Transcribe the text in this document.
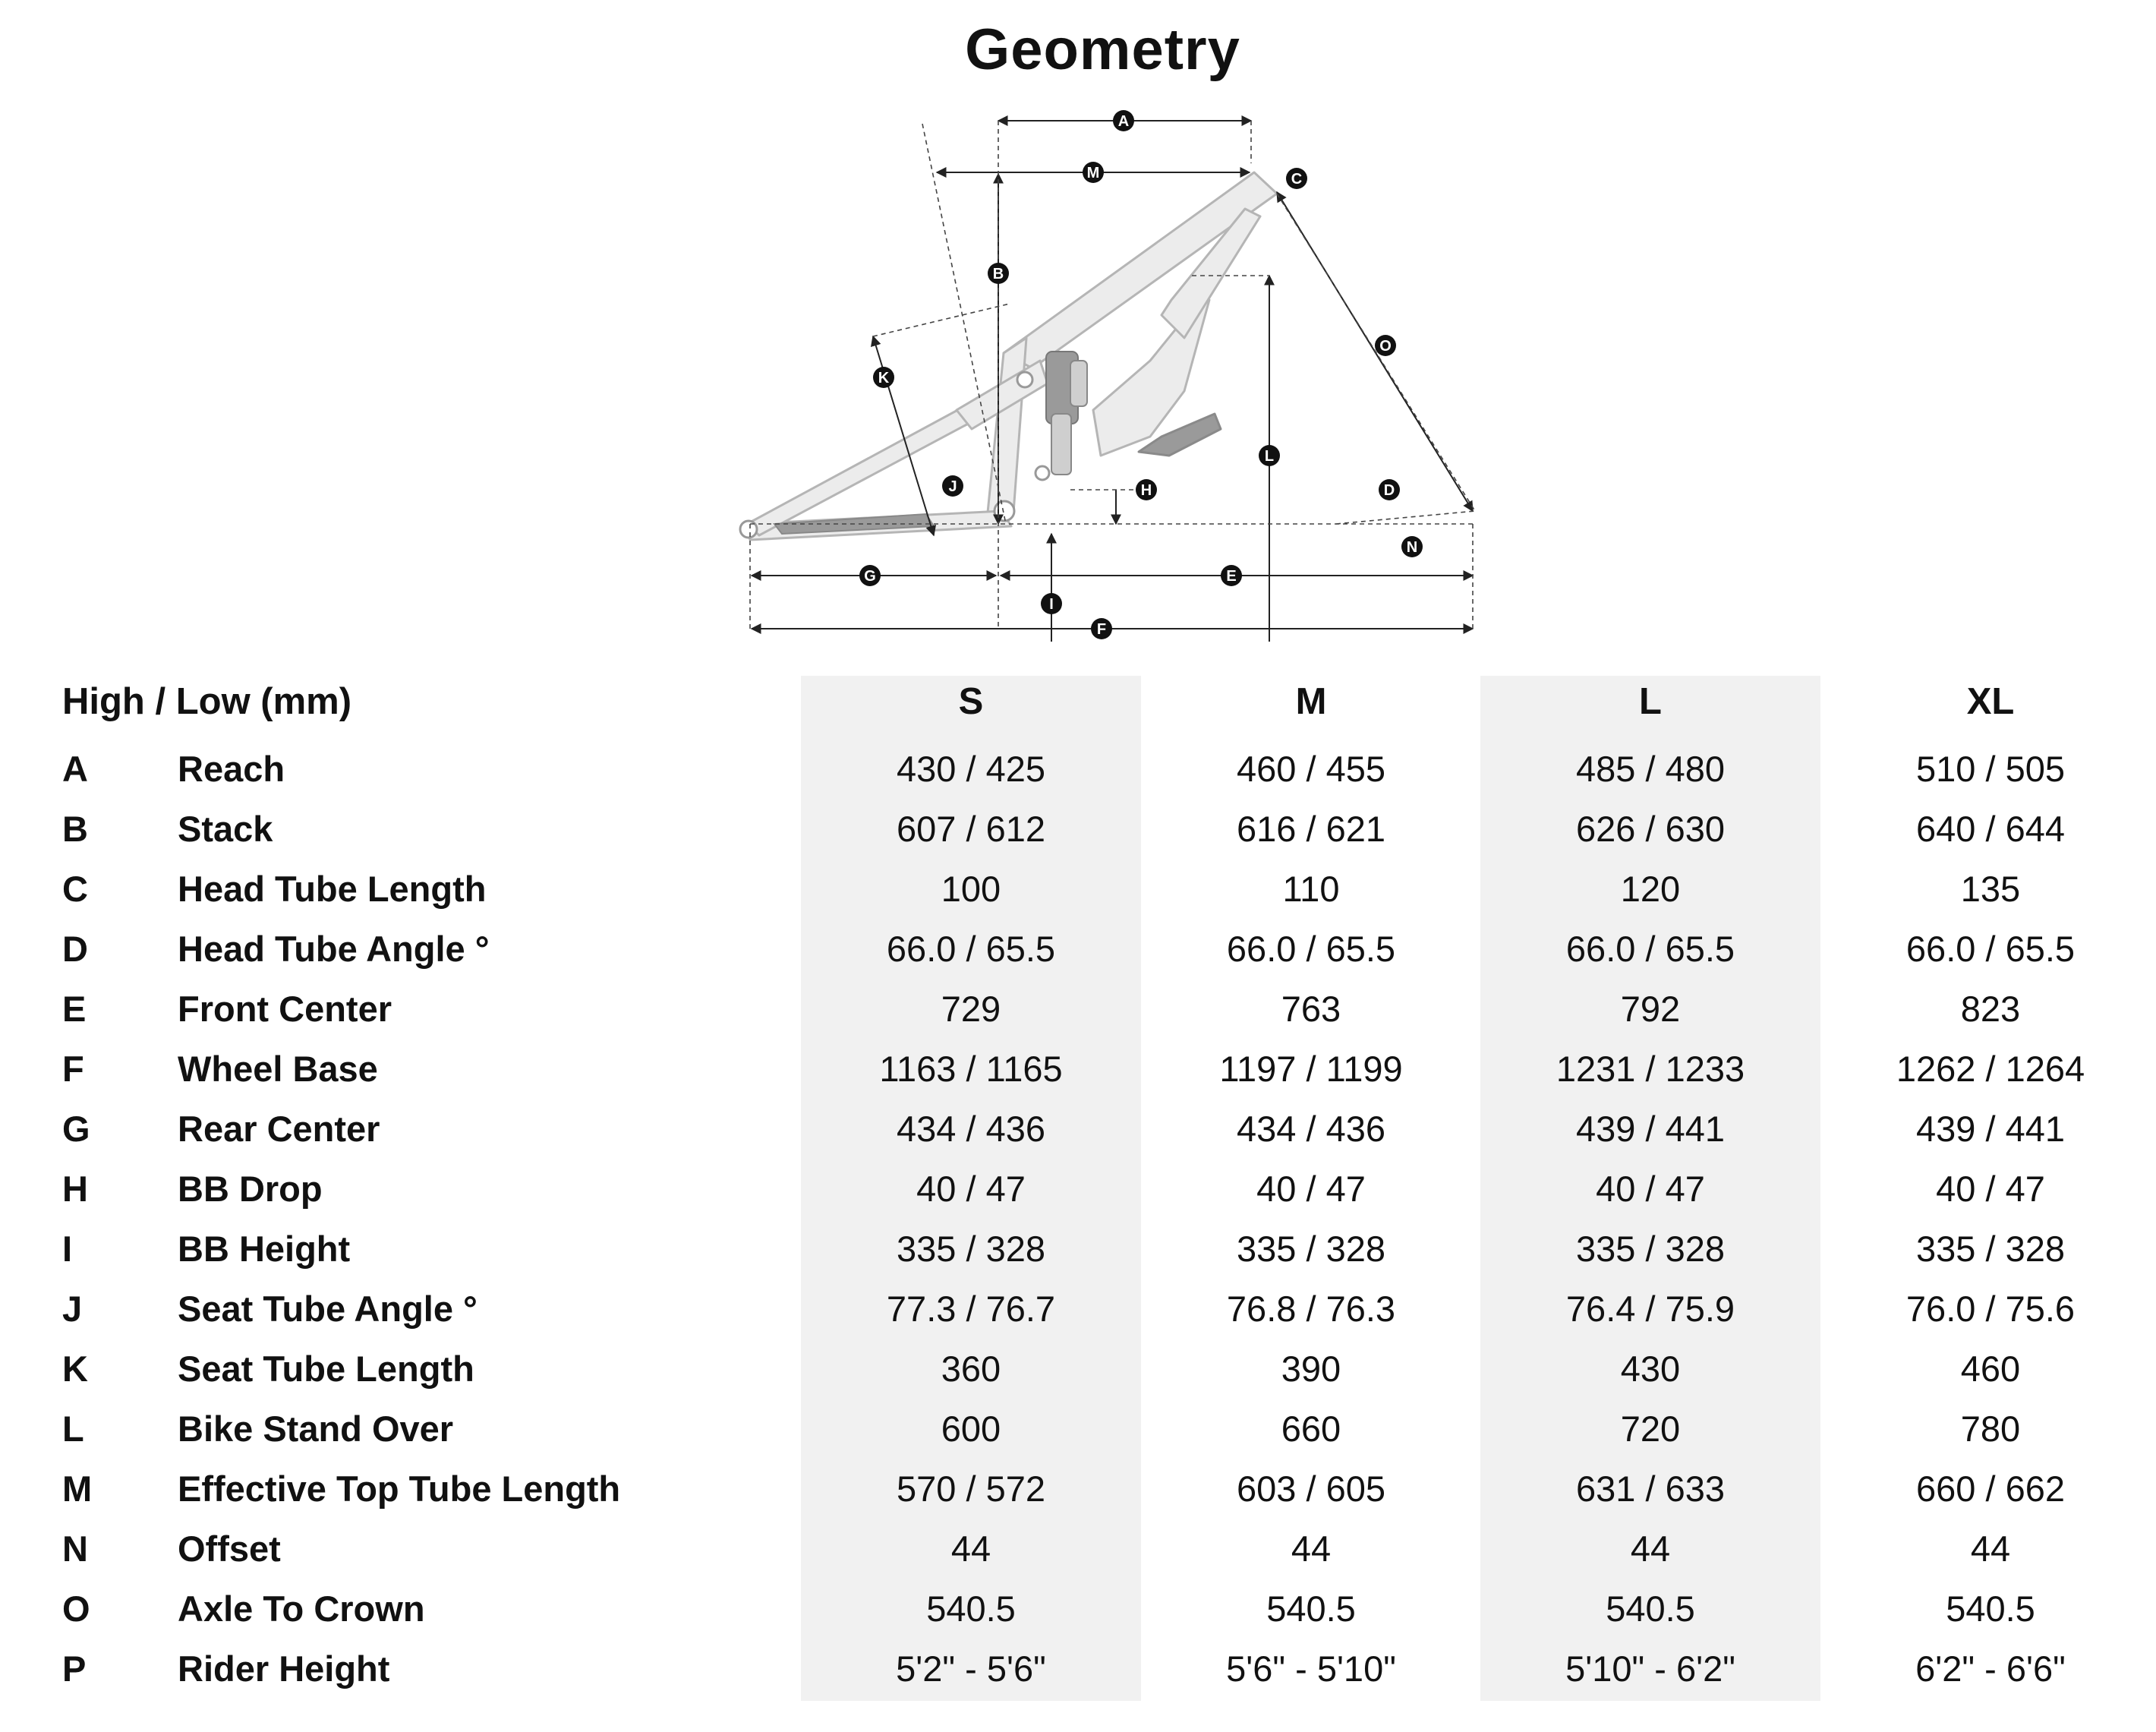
Geometry
A
M	C
B
O
K
L
J	H	D
N
G	E
I
F
High / Low (mm)	S	M	L	XL
A	Reach	430 / 425	460 / 455	485 / 480	510 / 505
B	Stack	607 / 612	616 / 621	626 / 630	640 / 644
C	Head Tube Length	100	110	120	135
D	Head Tube Angle °	66.0 / 65.5	66.0 / 65.5	66.0 / 65.5	66.0 / 65.5
E	Front Center	729	763	792	823
F	Wheel Base	1163 / 1165	1197 / 1199	1231 / 1233	1262 / 1264
G Rear Center	434 / 436	434 / 436	439 / 441	439 / 441
H	BB Drop	40 / 47	40 / 47	40 / 47	40 / 47
I	BB Height	335 / 328	335 / 328	335 / 328	335 / 328
J	Seat Tube Angle °	77.3 / 76.7	76.8 / 76.3	76.4 / 75.9	76.0 / 75.6
K	Seat Tube Length	360	390	430	460
L	Bike Stand Over	600	660	720	780
M Effective Top Tube Length	570 / 572	603 / 605	631 / 633	660 / 662
N	Offset	44	44	44	44
O Axle To Crown	540.5	540.5	540.5	540.5
P	Rider Height	5'2" - 5'6"	5'6" - 5'10"	5'10" - 6'2"	6'2" - 6'6"
